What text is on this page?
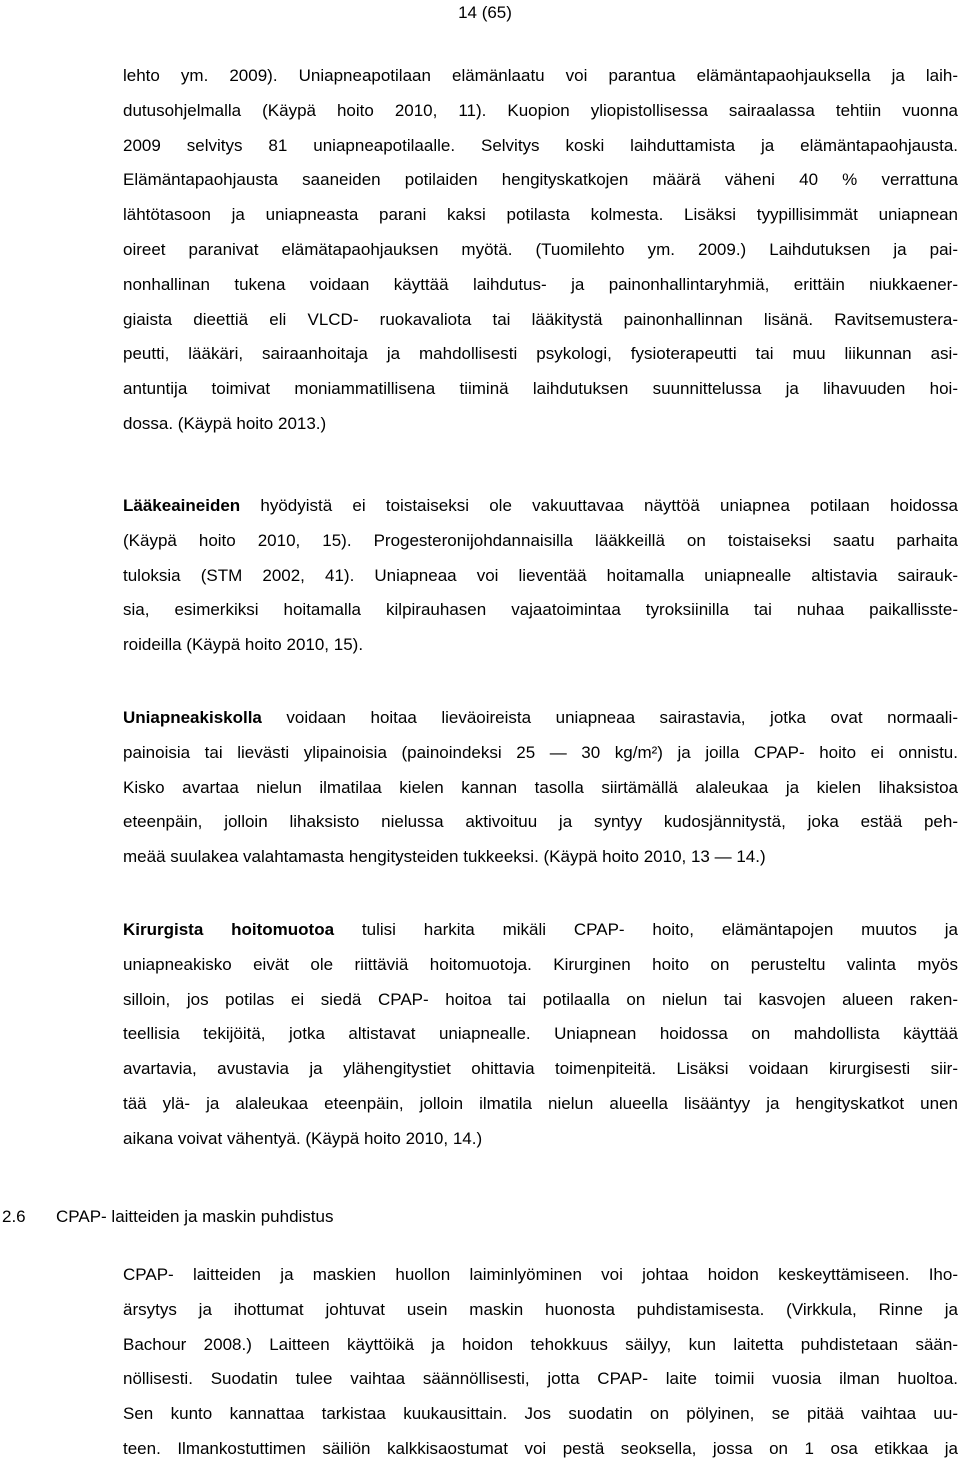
14 (65)
lehto ym. 2009). Uniapneapotilaan elämänlaatu voi parantua elämäntapaohjauksella ja laih-
dutusohjelmalla (Käypä hoito 2010, 11). Kuopion yliopistollisessa sairaalassa tehtiin vuonna
2009 selvitys 81 uniapneapotilaalle. Selvitys koski laihduttamista ja elämäntapaohjausta.
Elämäntapaohjausta saaneiden potilaiden hengityskatkojen määrä väheni 40 % verrattuna
lähtötasoon ja uniapneasta parani kaksi potilasta kolmesta. Lisäksi tyypillisimmät uniapnean
oireet paranivat elämätapaohjauksen myötä. (Tuomilehto ym. 2009.) Laihdutuksen ja pai-
nonhallinan tukena voidaan käyttää laihdutus- ja painonhallintaryhmiä, erittäin niukkaener-
giaista dieettiä eli VLCD- ruokavaliota tai lääkitystä painonhallinnan lisänä. Ravitsemustera-
peutti, lääkäri, sairaanhoitaja ja mahdollisesti psykologi, fysioterapeutti tai muu liikunnan asi-
antuntija toimivat moniammatillisena tiiminä laihdutuksen suunnittelussa ja lihavuuden hoi-
dossa. (Käypä hoito 2013.)
Lääkeaineiden hyödyistä ei toistaiseksi ole vakuuttavaa näyttöä uniapnea potilaan hoidossa
(Käypä hoito 2010, 15). Progesteronijohdannaisilla lääkkeillä on toistaiseksi saatu parhaita
tuloksia (STM 2002, 41). Uniapneaa voi lieventää hoitamalla uniapnealle altistavia sairauk-
sia, esimerkiksi hoitamalla kilpirauhasen vajaatoimintaa tyroksiinilla tai nuhaa paikallisste-
roideilla (Käypä hoito 2010, 15).
Uniapneakiskolla voidaan hoitaa lieväoireista uniapneaa sairastavia, jotka ovat normaali-
painoisia tai lievästi ylipainoisia (painoindeksi 25 — 30 kg/m²) ja joilla CPAP- hoito ei onnistu.
Kisko avartaa nielun ilmatilaa kielen kannan tasolla siirtämällä alaleukaa ja kielen lihaksistoa
eteenpäin, jolloin lihaksisto nielussa aktivoituu ja syntyy kudosjännitystä, joka estää peh-
meää suulakea valahtamasta hengitysteiden tukkeeksi. (Käypä hoito 2010, 13 — 14.)
Kirurgista hoitomuotoa tulisi harkita mikäli CPAP- hoito, elämäntapojen muutos ja
uniapneakisko eivät ole riittäviä hoitomuotoja. Kirurginen hoito on perusteltu valinta myös
silloin, jos potilas ei siedä CPAP- hoitoa tai potilaalla on nielun tai kasvojen alueen raken-
teellisia tekijöitä, jotka altistavat uniapnealle. Uniapnean hoidossa on mahdollista käyttää
avartavia, avustavia ja ylähengitystiet ohittavia toimenpiteitä. Lisäksi voidaan kirurgisesti siir-
tää ylä- ja alaleukaa eteenpäin, jolloin ilmatila nielun alueella lisääntyy ja hengityskatkot unen
aikana voivat vähentyä. (Käypä hoito 2010, 14.)
2.6 CPAP- laitteiden ja maskin puhdistus
CPAP- laitteiden ja maskien huollon laiminlyöminen voi johtaa hoidon keskeyttämiseen. Iho-
ärsytys ja ihottumat johtuvat usein maskin huonosta puhdistamisesta. (Virkkula, Rinne ja
Bachour 2008.) Laitteen käyttöikä ja hoidon tehokkuus säilyy, kun laitetta puhdistetaan sään-
nöllisesti. Suodatin tulee vaihtaa säännöllisesti, jotta CPAP- laite toimii vuosia ilman huoltoa.
Sen kunto kannattaa tarkistaa kuukausittain. Jos suodatin on pölyinen, se pitää vaihtaa uu-
teen. Ilmankostuttimen säiliön kalkkisaostumat voi pestä seoksella, jossa on 1 osa etikkaa ja
